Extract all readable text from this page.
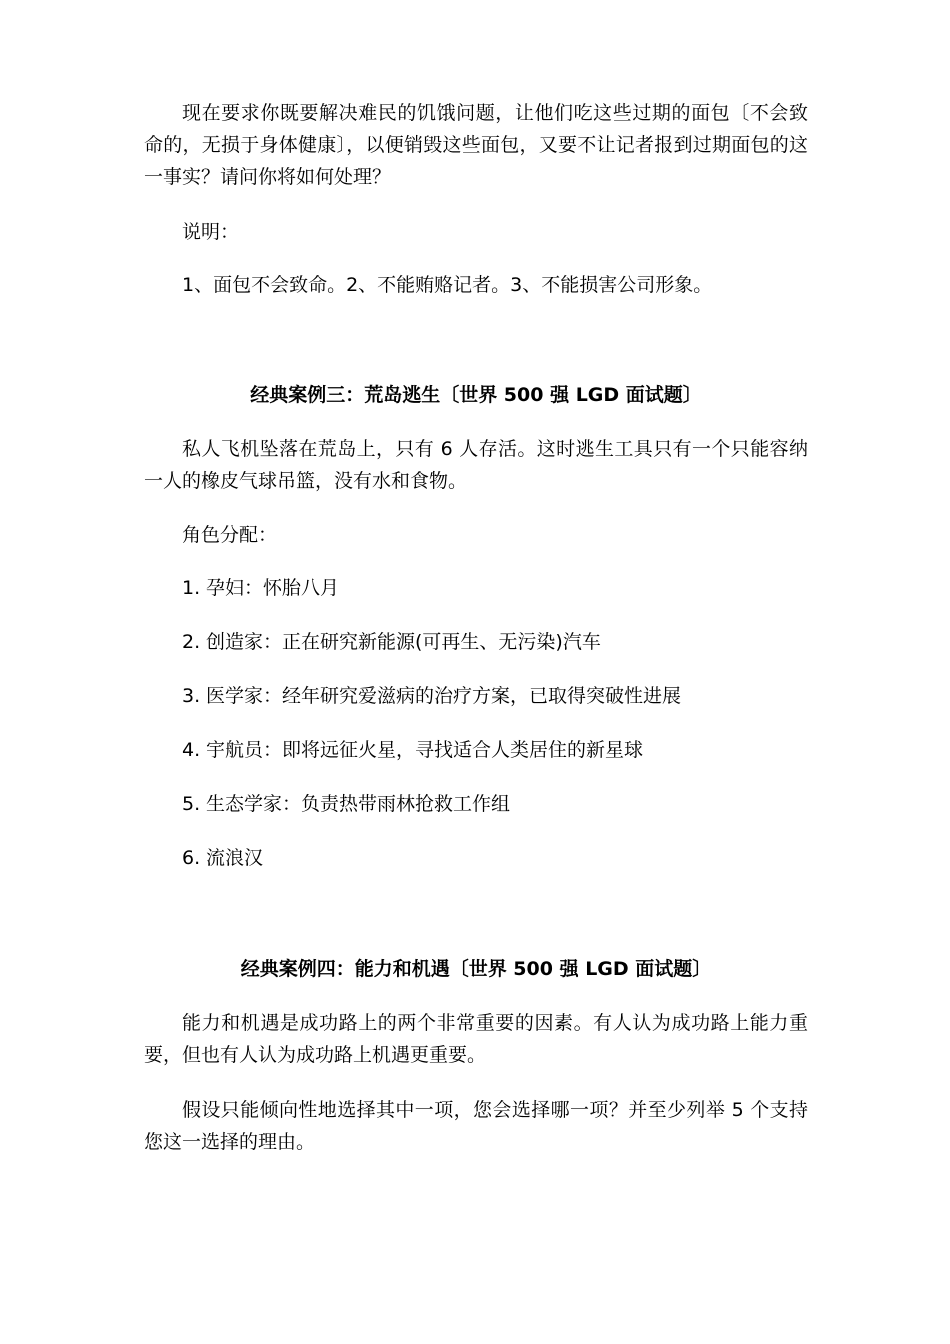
现在要求你既要解决难民的饥饿问题，让他们吃这些过期的面包〔不会致命的，无损于身体健康〕，以便销毁这些面包，又要不让记者报到过期面包的这一事实？请问你将如何处理？

说明：

1、面包不会致命。2、不能贿赂记者。3、不能损害公司形象。

经典案例三：荒岛逃生〔世界 500 强 LGD 面试题〕

私人飞机坠落在荒岛上，只有 6 人存活。这时逃生工具只有一个只能容纳一人的橡皮气球吊篮，没有水和食物。

角色分配：

1. 孕妇：怀胎八月
2. 创造家：正在研究新能源(可再生、无污染)汽车
3. 医学家：经年研究爱滋病的治疗方案，已取得突破性进展
4. 宇航员：即将远征火星，寻找适合人类居住的新星球
5. 生态学家：负责热带雨林抢救工作组
6. 流浪汉
经典案例四：能力和机遇〔世界 500 强 LGD 面试题〕

能力和机遇是成功路上的两个非常重要的因素。有人认为成功路上能力重要，但也有人认为成功路上机遇更重要。

假设只能倾向性地选择其中一项，您会选择哪一项？并至少列举 5 个支持您这一选择的理由。
